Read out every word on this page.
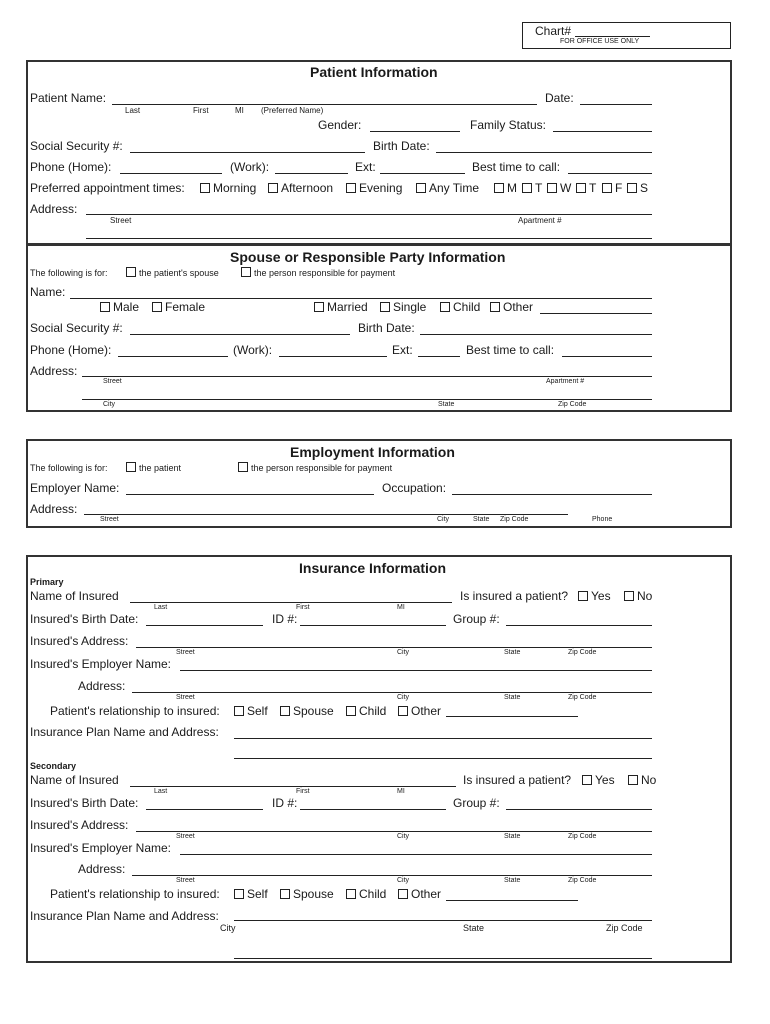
Chart#
FOR OFFICE USE ONLY
Patient Information
Patient Name:	Date:
Last	First	MI (Preferred Name)
Gender:	Family Status:
Social Security #:	Birth Date:
Phone (Home):	(Work):	Ext:	Best time to call:
Preferred appointment times:	Morning	Afternoon	Evening	Any Time	M	T	W	T	F	S
Address:
Street	Apartment #
Spouse or Responsible Party Information
The following is for:	the patient's spouse	the person responsible for payment
Name:
Male	Female	Married	Single	Child	Other
Social Security #:	Birth Date:
Phone (Home):	(Work):	Ext:	Best time to call:
Address:
Street	Apartment #
City	State	Zip Code
Employment Information
The following is for:	the patient	the person responsible for payment
Employer Name:	Occupation:
Address:
Street	City	State Zip Code	Phone
Insurance Information
Primary
Name of Insured	Is insured a patient?	Yes	No
Last	First	MI
Insured's Birth Date:	ID #:	Group #:
Insured's Address:
Street	City	State	Zip Code
Insured's Employer Name:
Address:
Street	City	State	Zip Code
Patient's relationship to insured:	Self	Spouse	Child	Other
Insurance Plan Name and Address:
Secondary
Name of Insured	Is insured a patient?	Yes	No
Last	First	MI
Insured's Birth Date:	ID #:	Group #:
Insured's Address:
Street	City	State	Zip Code
Insured's Employer Name:
Address:
Street	City	State	Zip Code
Patient's relationship to insured:	Self	Spouse	Child	Other
Insurance Plan Name and Address:
City	State	Zip Code
